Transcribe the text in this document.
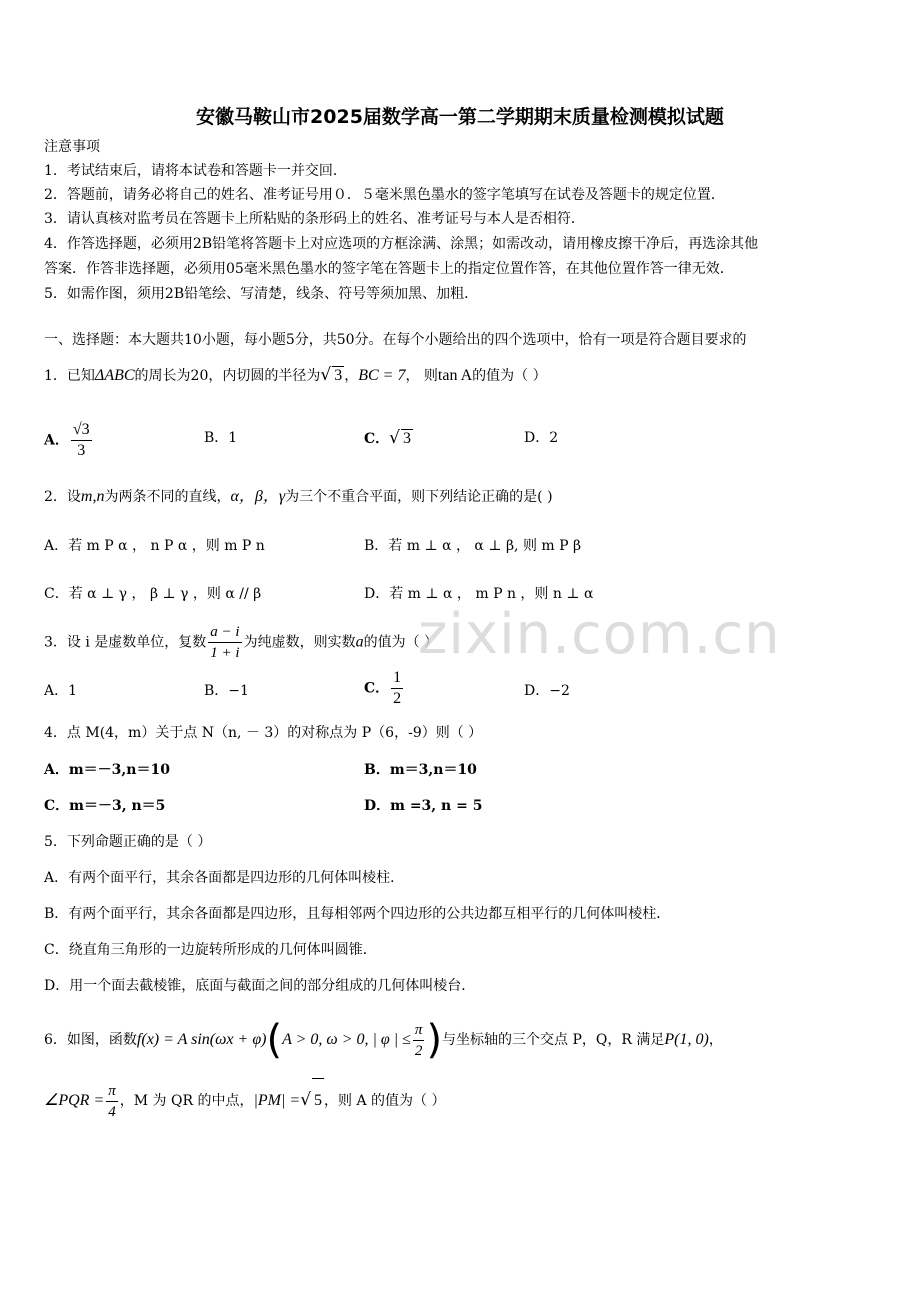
安徽马鞍山市2025届数学高一第二学期期末质量检测模拟试题
注意事项
1．考试结束后，请将本试卷和答题卡一并交回．
2．答题前，请务必将自己的姓名、准考证号用０．５毫米黑色墨水的签字笔填写在试卷及答题卡的规定位置．
3．请认真核对监考员在答题卡上所粘贴的条形码上的姓名、准考证号与本人是否相符．
4．作答选择题，必须用2B铅笔将答题卡上对应选项的方框涂满、涂黑；如需改动，请用橡皮擦干净后，再选涂其他
答案．作答非选择题，必须用05毫米黑色墨水的签字笔在答题卡上的指定位置作答，在其他位置作答一律无效．
5．如需作图，须用2B铅笔绘、写清楚，线条、符号等须加黑、加粗．
一、选择题：本大题共10小题，每小题5分，共50分。在每个小题给出的四个选项中，恰有一项是符合题目要求的
1．已知ΔABC的周长为20，内切圆的半径为√ 3 ，BC = 7， 则tan A的值为（ ）
A． $\frac{√3}{3}$	B．1	C．√ 3	D．2
2．设m,n为两条不同的直线，α，β，γ为三个不重合平面，则下列结论正确的是( )
A．若 m P α ， n P α ，则 m P n	B．若 m ⊥ α ， α ⊥ β, 则 m P β
C．若 α ⊥ γ ， β ⊥ γ ，则 α // β	D．若 m ⊥ α ， m P n ，则 n ⊥ α
3．设 i 是虚数单位，复数 $\frac{a - i}{1 + i}$ 为纯虚数，则实数a的值为（ ）
A．1	B．−1	C． $\frac{1}{2}$	D．−2
4．点 M(4，m）关于点 N（n, － 3）的对称点为 P（6，-9）则（ ）
A．m＝－3,n＝10	B．m＝3,n＝10
C．m＝－3, n＝5	D．m =3, n = 5
5．下列命题正确的是（ ）
A．有两个面平行，其余各面都是四边形的几何体叫棱柱．
B．有两个面平行，其余各面都是四边形，且每相邻两个四边形的公共边都互相平行的几何体叫棱柱．
C．绕直角三角形的一边旋转所形成的几何体叫圆锥．
D．用一个面去截棱锥，底面与截面之间的部分组成的几何体叫棱台．
6．如图，函数f(x) = A sin(ωx + φ)(A > 0, ω > 0, | φ | ≤ $\frac{\pi}{2}$ )与坐标轴的三个交点 P，Q，R 满足P(1, 0)，
∠PQR = $\frac{\pi}{4}$ ，M 为 QR 的中点，|PM| =√ 5 ，则 A 的值为（ ）
zixin.com.cn
